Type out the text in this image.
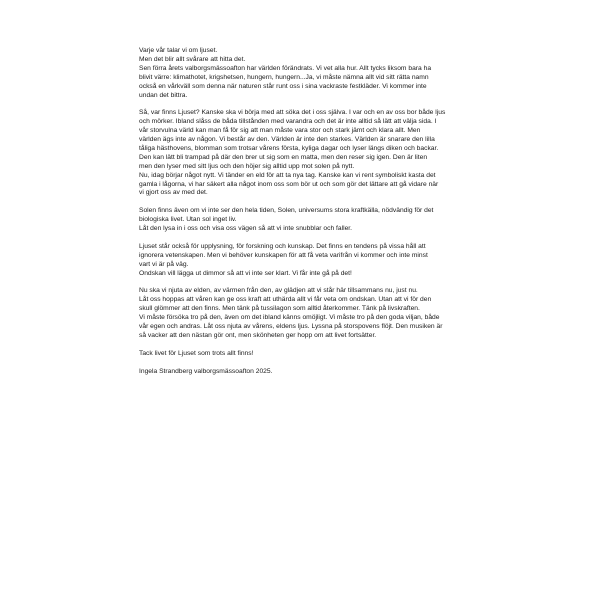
Varje vår talar vi om ljuset.
Men det blir allt svårare att hitta det.
Sen förra årets valborgsmässoafton har världen förändrats. Vi vet alla hur. Allt tycks liksom bara ha
blivit värre: klimathotet, krigshetsen, hungern, hungern...Ja, vi måste nämna allt vid sitt rätta namn
också en vårkväll som denna när naturen står runt oss i sina vackraste festkläder. Vi kommer inte
undan det bittra.

Så, var finns Ljuset? Kanske ska vi börja med att söka det i oss själva. I var och en av oss bor både ljus
och mörker. Ibland slåss de båda tillstånden med varandra och det är inte alltid så lätt att välja sida. I
vår storvulna värld kan man få för sig att man måste vara stor och stark jämt och klara allt. Men
världen ägs inte av någon. Vi består av den. Världen är inte den starkes. Världen är snarare den lilla
tåliga hästhovens, blomman som trotsar vårens första, kyliga dagar och lyser längs diken och backar.
Den kan lätt bli trampad på där den brer ut sig som en matta, men den reser sig igen. Den är liten
men den lyser med sitt ljus och den höjer sig alltid upp mot solen på nytt.
Nu, idag börjar något nytt. Vi tänder en eld för att ta nya tag. Kanske kan vi rent symboliskt kasta det
gamla i lågorna, vi har säkert alla något inom oss som bör ut och som gör det lättare att gå vidare när
vi gjort oss av med det.

Solen finns även om vi inte ser den hela tiden, Solen, universums stora kraftkälla, nödvändig för det
biologiska livet. Utan sol inget liv.
Låt den lysa in i oss och visa oss vägen så att vi inte snubblar och faller.

Ljuset står också för upplysning, för forskning och kunskap. Det finns en tendens på vissa håll att
ignorera vetenskapen. Men vi behöver kunskapen för att få veta varifrån vi kommer och inte minst
vart vi är på väg.
Ondskan vill läggа ut dimmor så att vi inte ser klart. Vi får inte gå på det!

Nu ska vi njuta av elden, av värmen från den, av glädjen att vi står här tillsammans nu, just nu.
Låt oss hoppas att våren kan ge oss kraft att uthärda allt vi får veta om ondskan. Utan att vi för den
skull glömmer att den finns. Men tänk på tussilagon som alltid återkommer. Tänk på livskraften.
Vi måste försöka tro på den, även om det ibland känns omöjligt. Vi måste tro på den goda viljan, både
vår egen och andras. Låt oss njuta av vårens, eldens ljus. Lyssna på storspovens flöjt. Den musiken är
så vacker att den nästan gör ont, men skönheten ger hopp om att livet fortsätter.

Tack livet för Ljuset som trots allt finns!

Ingela Strandberg valborgsmässoafton 2025.
